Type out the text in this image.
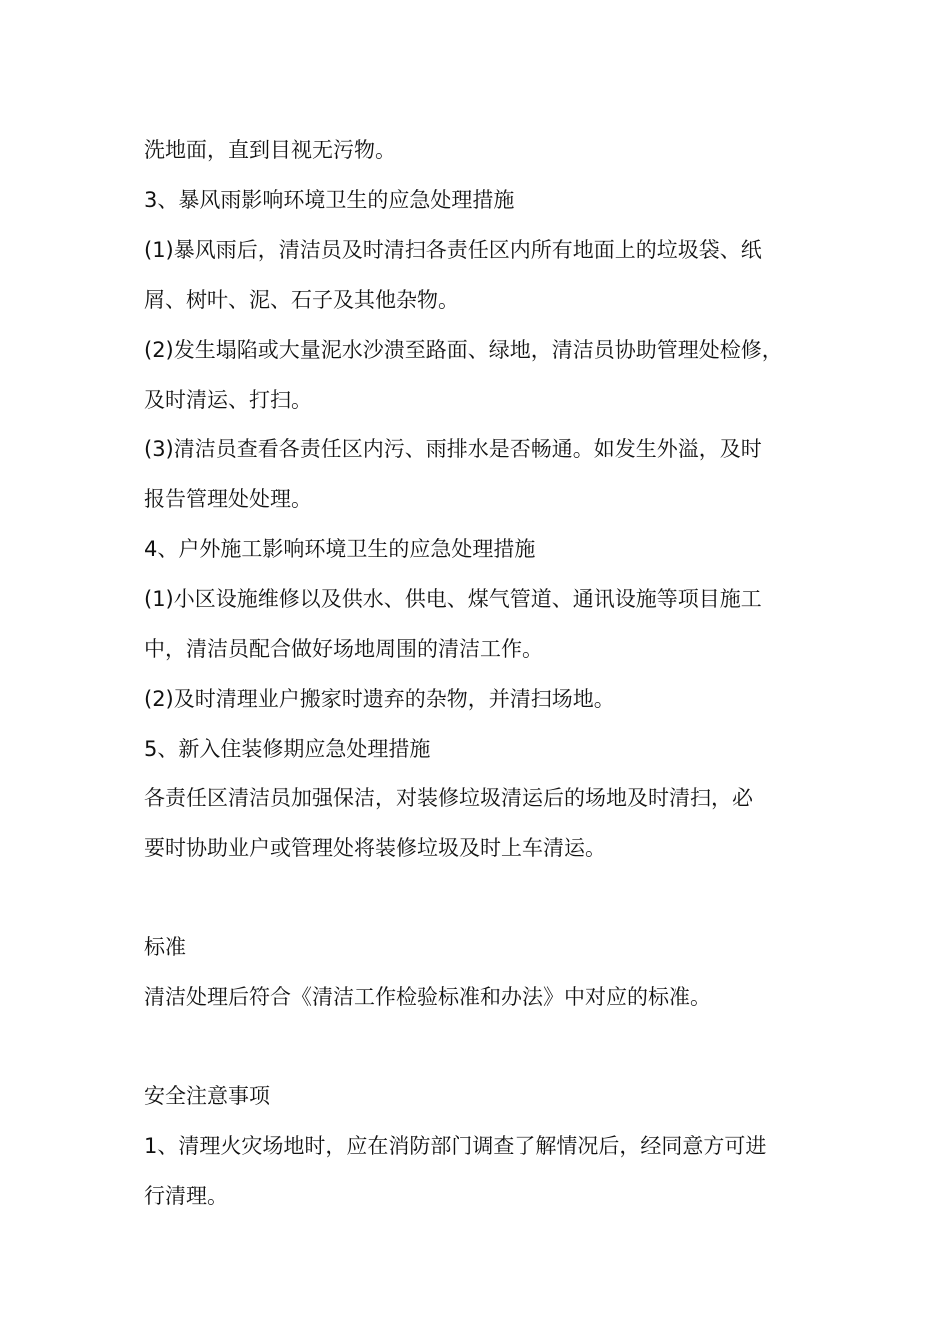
洗地面，直到目视无污物。
3、暴风雨影响环境卫生的应急处理措施
(1)暴风雨后，清洁员及时清扫各责任区内所有地面上的垃圾袋、纸
屑、树叶、泥、石子及其他杂物。
(2)发生塌陷或大量泥水沙溃至路面、绿地，清洁员协助管理处检修，
及时清运、打扫。
(3)清洁员查看各责任区内污、雨排水是否畅通。如发生外溢，及时
报告管理处处理。
4、户外施工影响环境卫生的应急处理措施
(1)小区设施维修以及供水、供电、煤气管道、通讯设施等项目施工
中，清洁员配合做好场地周围的清洁工作。
(2)及时清理业户搬家时遗弃的杂物，并清扫场地。
5、新入住装修期应急处理措施
各责任区清洁员加强保洁，对装修垃圾清运后的场地及时清扫，必
要时协助业户或管理处将装修垃圾及时上车清运。
标准
清洁处理后符合《清洁工作检验标准和办法》中对应的标准。
安全注意事项
1、清理火灾场地时，应在消防部门调查了解情况后，经同意方可进
行清理。
